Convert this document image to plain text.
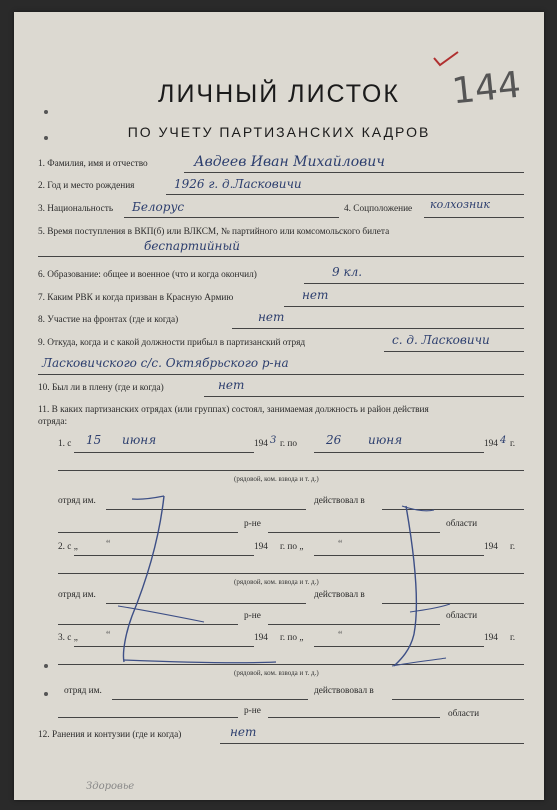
144
ЛИЧНЫЙ ЛИСТОК
ПО УЧЕТУ ПАРТИЗАНСКИХ КАДРОВ
1. Фамилия, имя и отчество	Авдеев Иван Михайлович
2. Год и место рождения	1926 г. д.Ласковичи
3. Национальность Белорус	4. Соцположение колхозник
5. Время поступления в ВКП(б) или ВЛКСМ, № партийного или комсомольского билета
беспартийный
6. Образование: общее и военное (что и когда окончил)	9 кл.
7. Каким РВК и когда призван в Красную Армию	нет
8. Участие на фронтах (где и когда)	нет
9. Откуда, когда и с какой должности прибыл в партизанский отряд	с. д. Ласковичи
Ласковичского с/с. Октябрьского р-на
10. Был ли в плену (где и когда)	нет
11. В каких партизанских отрядах (или группах) состоял, занимаемая должность и район действия
отряда:
1. с 15 июня	194 3 г. по 26 июня	194 4 г.
(рядовой, ком. взвода и т. д.)
отряд им.	действовал в
р-не	области
2. с „	“	194 г. по „	“	194 г.
(рядовой, ком. взвода и т. д.)
отряд им.	действовал в
р-не	области
3. с „	“	194 г. по „	“	194 г.
(рядовой, ком. взвода и т. д.)
отряд им.	действововал в
р-не	области
12. Ранения и контузии (где и когда)	нет
Здоровье
